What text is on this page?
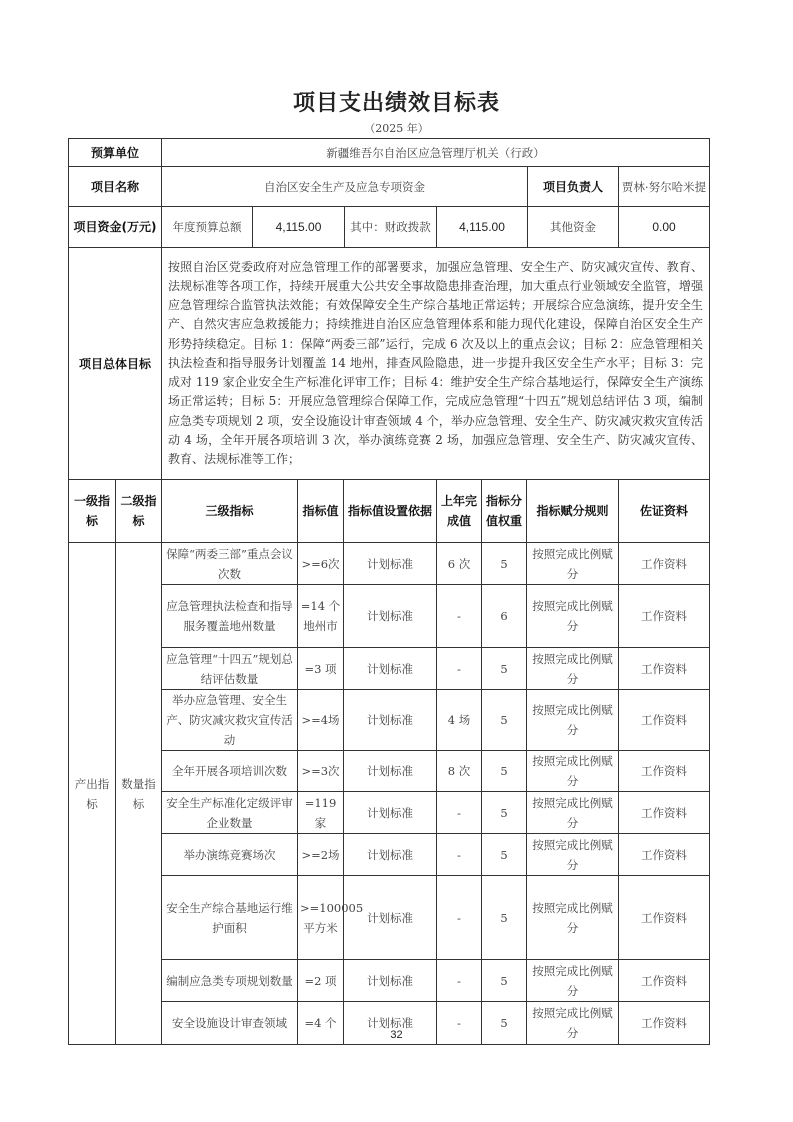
项目支出绩效目标表
（2025 年）
预算单位	新疆维吾尔自治区应急管理厅机关（行政）					
项目名称	自治区安全生产及应急专项资金				项目负责人	贾林·努尔哈米提
项目资金(万元)	年度预算总额	4,115.00	其中：财政拨款	4,115.00	其他资金	0.00
项目总体目标	按照自治区党委政府对应急管理工作的部署要求，加强应急管理、安全生产、防灾减灾宣传、教育、法规标准等各项工作，持续开展重大公共安全事故隐患排查治理，加大重点行业领域安全监管，增强应急管理综合监管执法效能；有效保障安全生产综合基地正常运转；开展综合应急演练，提升安全生产、自然灾害应急救援能力；持续推进自治区应急管理体系和能力现代化建设，保障自治区安全生产形势持续稳定。目标 1：保障“两委三部”运行，完成 6 次及以上的重点会议；目标 2：应急管理相关执法检查和指导服务计划覆盖 14 地州，排查风险隐患，进一步提升我区安全生产水平；目标 3：完成对 119 家企业安全生产标准化评审工作；目标 4：维护安全生产综合基地运行，保障安全生产演练场正常运转；目标 5：开展应急管理综合保障工作，完成应急管理“十四五”规划总结评估 3 项，编制应急类专项规划 2 项，安全设施设计审查领域 4 个，举办应急管理、安全生产、防灾减灾救灾宣传活动 4 场，全年开展各项培训 3 次，举办演练竞赛 2 场，加强应急管理、安全生产、防灾减灾宣传、教育、法规标准等工作；					
一级指标	二级指标	三级指标	指标值	指标值设置依据	上年完成值	指标分值权重	指标赋分规则	佐证资料
产出指标	数量指标	保障“两委三部”重点会议次数	>=6次	计划标准	6 次	5	按照完成比例赋分	工作资料
		应急管理执法检查和指导服务覆盖地州数量	=14 个地州市	计划标准	-	6	按照完成比例赋分	工作资料
		应急管理“十四五”规划总结评估数量	=3 项	计划标准	-	5	按照完成比例赋分	工作资料
		举办应急管理、安全生产、防灾减灾救灾宣传活动	>=4场	计划标准	4 场	5	按照完成比例赋分	工作资料
		全年开展各项培训次数	>=3次	计划标准	8 次	5	按照完成比例赋分	工作资料
		安全生产标准化定级评审企业数量	=119家	计划标准	-	5	按照完成比例赋分	工作资料
		举办演练竞赛场次	>=2场	计划标准	-	5	按照完成比例赋分	工作资料
		安全生产综合基地运行维护面积	>=100005平方米	计划标准	-	5	按照完成比例赋分	工作资料
		编制应急类专项规划数量	=2 项	计划标准	-	5	按照完成比例赋分	工作资料
		安全设施设计审查领域	=4 个	计划标准	-	5	按照完成比例赋分	工作资料
32
